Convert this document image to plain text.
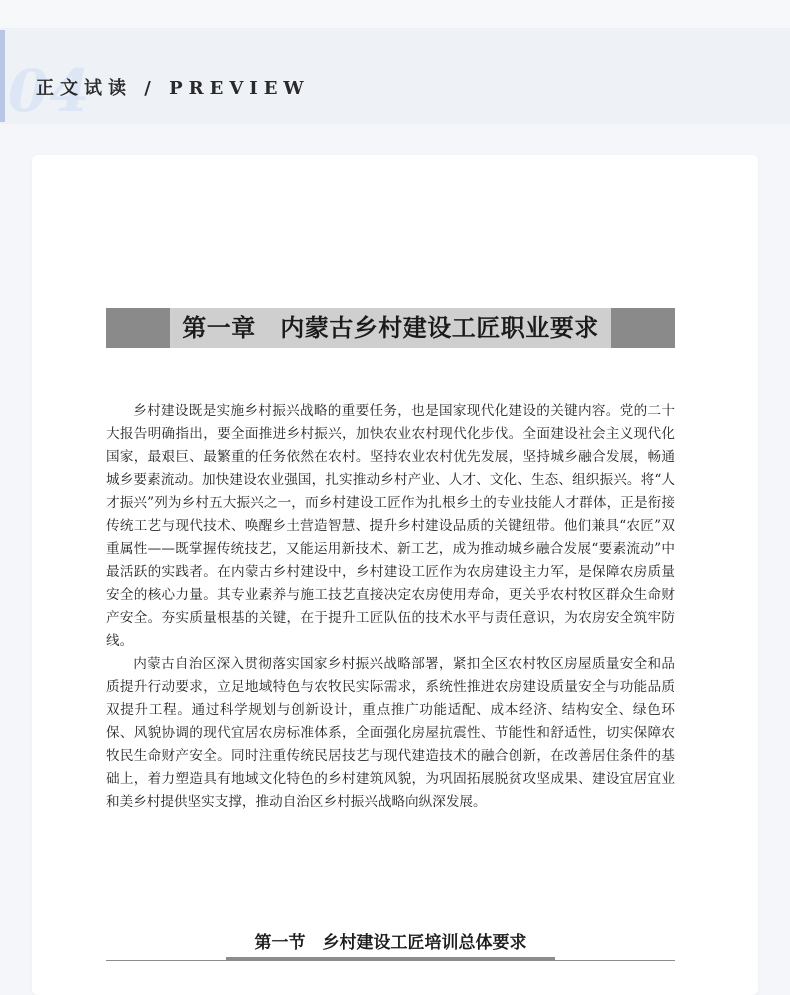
04
正文试读 / PREVIEW
第一章　内蒙古乡村建设工匠职业要求

乡村建设既是实施乡村振兴战略的重要任务，也是国家现代化建设的关键内容。党的二十大报告明确指出，要全面推进乡村振兴，加快农业农村现代化步伐。全面建设社会主义现代化国家，最艰巨、最繁重的任务依然在农村。坚持农业农村优先发展，坚持城乡融合发展，畅通城乡要素流动。加快建设农业强国，扎实推动乡村产业、人才、文化、生态、组织振兴。将“人才振兴”列为乡村五大振兴之一，而乡村建设工匠作为扎根乡土的专业技能人才群体，正是衔接传统工艺与现代技术、唤醒乡土营造智慧、提升乡村建设品质的关键纽带。他们兼具“农匠”双重属性——既掌握传统技艺，又能运用新技术、新工艺，成为推动城乡融合发展“要素流动”中最活跃的实践者。在内蒙古乡村建设中，乡村建设工匠作为农房建设主力军，是保障农房质量安全的核心力量。其专业素养与施工技艺直接决定农房使用寿命，更关乎农村牧区群众生命财产安全。夯实质量根基的关键，在于提升工匠队伍的技术水平与责任意识，为农房安全筑牢防线。

内蒙古自治区深入贯彻落实国家乡村振兴战略部署，紧扣全区农村牧区房屋质量安全和品质提升行动要求，立足地域特色与农牧民实际需求，系统性推进农房建设质量安全与功能品质双提升工程。通过科学规划与创新设计，重点推广功能适配、成本经济、结构安全、绿色环保、风貌协调的现代宜居农房标准体系，全面强化房屋抗震性、节能性和舒适性，切实保障农牧民生命财产安全。同时注重传统民居技艺与现代建造技术的融合创新，在改善居住条件的基础上，着力塑造具有地域文化特色的乡村建筑风貌，为巩固拓展脱贫攻坚成果、建设宜居宜业和美乡村提供坚实支撑，推动自治区乡村振兴战略向纵深发展。

第一节　乡村建设工匠培训总体要求
